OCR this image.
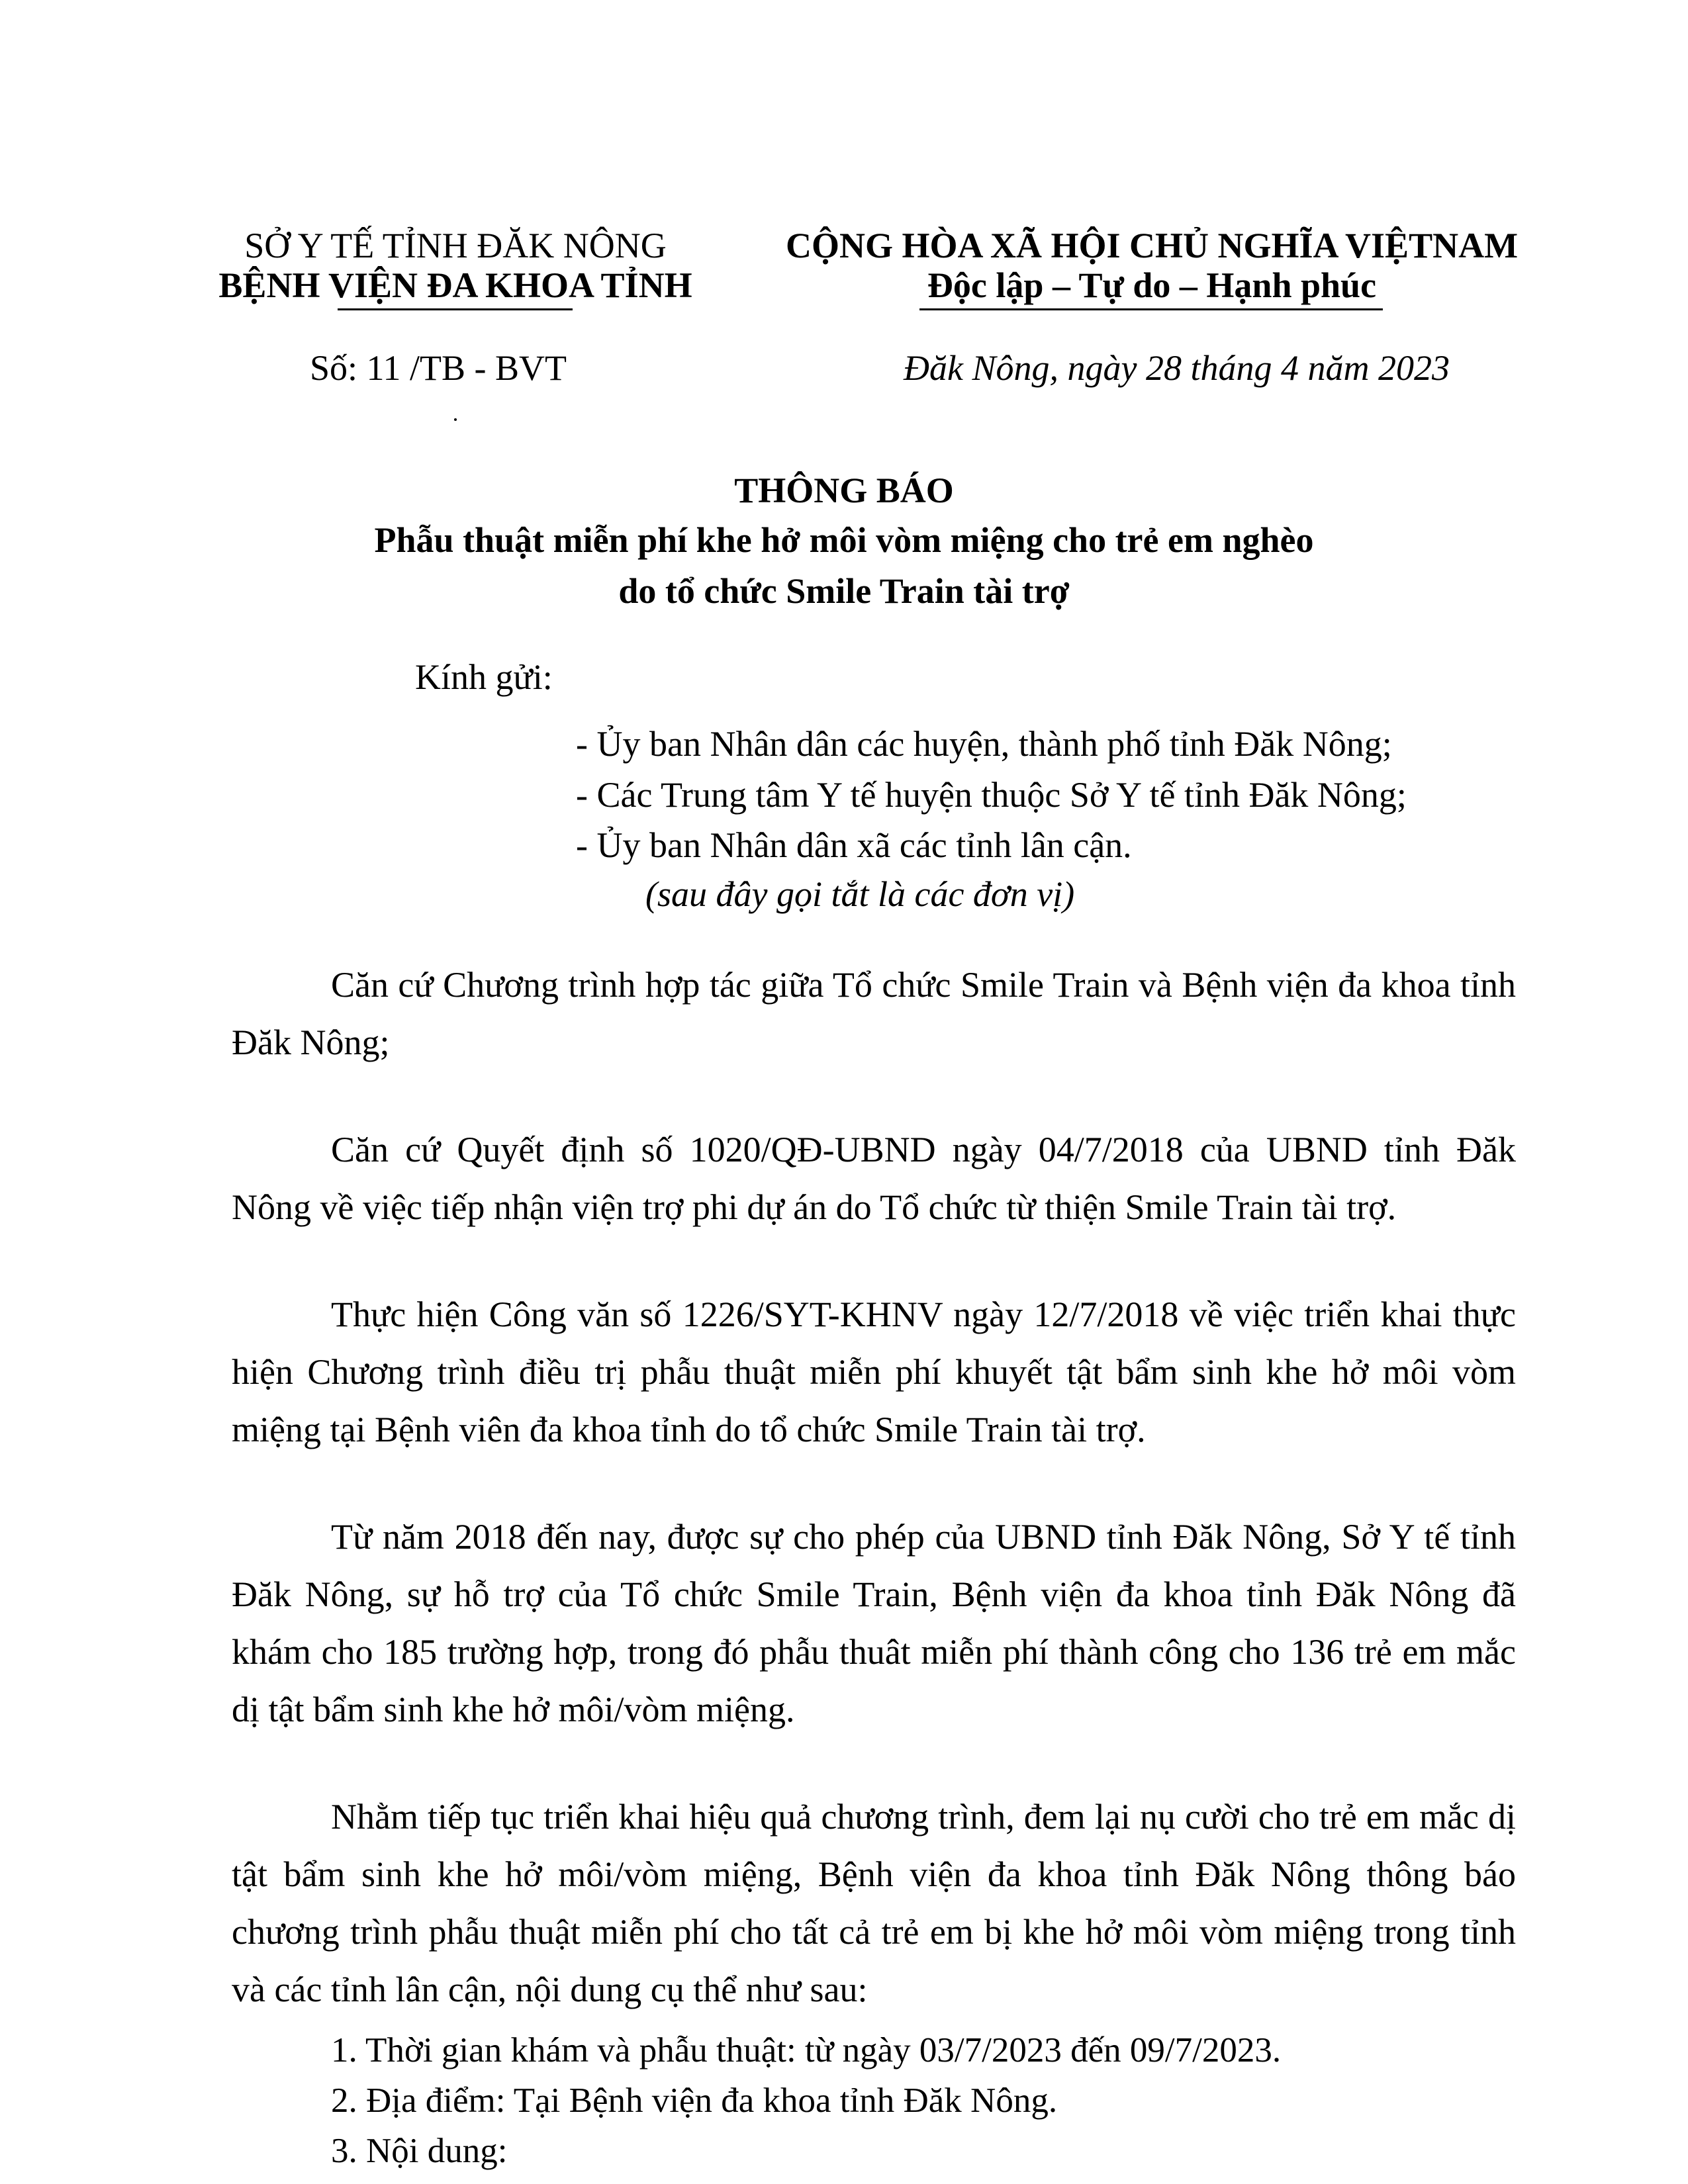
SỞ Y TẾ TỈNH ĐĂK NÔNG
BỆNH VIỆN ĐA KHOA TỈNH
CỘNG HÒA XÃ HỘI CHỦ NGHĨA VIỆTNAM
Độc lập – Tự do – Hạnh phúc
Số: 11 /TB - BVT	Đăk Nông, ngày 28 tháng 4 năm 2023
THÔNG BÁO
Phẫu thuật miễn phí khe hở môi vòm miệng cho trẻ em nghèo
do tổ chức Smile Train tài trợ
Kính gửi:
- Ủy ban Nhân dân các huyện, thành phố tỉnh Đăk Nông;
- Các Trung tâm Y tế huyện thuộc Sở Y tế tỉnh Đăk Nông;
- Ủy ban Nhân dân xã các tỉnh lân cận.
(sau đây gọi tắt là các đơn vị)
Căn cứ Chương trình hợp tác giữa Tổ chức Smile Train và Bệnh viện đa khoa tỉnh Đăk Nông;
Căn cứ Quyết định số 1020/QĐ-UBND ngày 04/7/2018 của UBND tỉnh Đăk Nông về việc tiếp nhận viện trợ phi dự án do Tổ chức từ thiện Smile Train tài trợ.
Thực hiện Công văn số 1226/SYT-KHNV ngày 12/7/2018 về việc triển khai thực hiện Chương trình điều trị phẫu thuật miễn phí khuyết tật bẩm sinh khe hở môi vòm miệng tại Bệnh viên đa khoa tỉnh do tổ chức Smile Train tài trợ.
Từ năm 2018 đến nay, được sự cho phép của UBND tỉnh Đăk Nông, Sở Y tế tỉnh Đăk Nông, sự hỗ trợ của Tổ chức Smile Train, Bệnh viện đa khoa tỉnh Đăk Nông đã khám cho 185 trường hợp, trong đó phẫu thuât miễn phí thành công cho 136 trẻ em mắc dị tật bẩm sinh khe hở môi/vòm miệng.
Nhằm tiếp tục triển khai hiệu quả chương trình, đem lại nụ cười cho trẻ em mắc dị tật bẩm sinh khe hở môi/vòm miệng, Bệnh viện đa khoa tỉnh Đăk Nông thông báo chương trình phẫu thuật miễn phí cho tất cả trẻ em bị khe hở môi vòm miệng trong tỉnh và các tỉnh lân cận, nội dung cụ thể như sau:
1. Thời gian khám và phẫu thuật: từ ngày 03/7/2023 đến 09/7/2023.
2. Địa điểm: Tại Bệnh viện đa khoa tỉnh Đăk Nông.
3. Nội dung:
